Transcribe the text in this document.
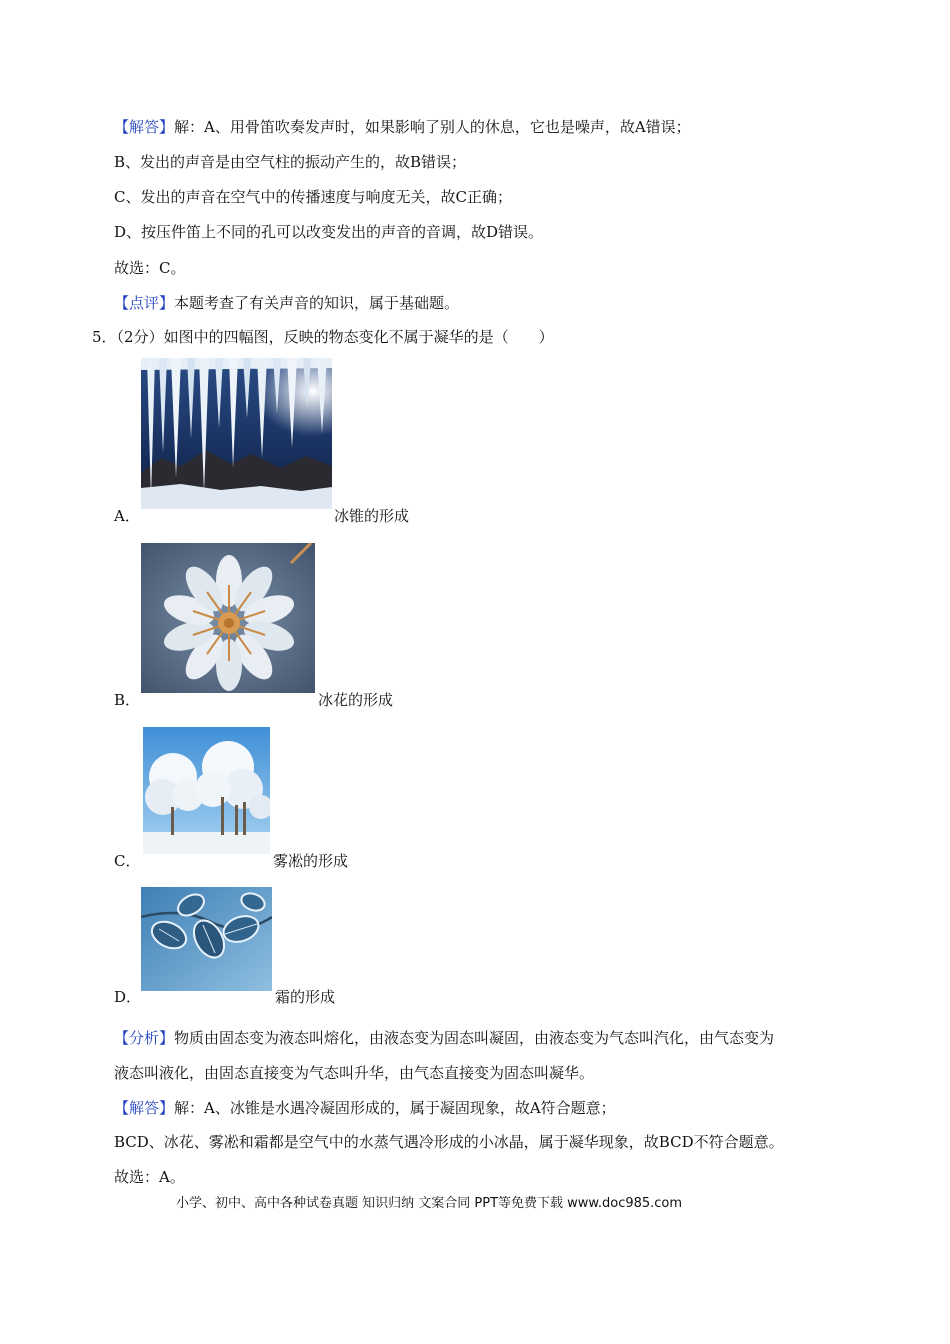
【解答】解：A、用骨笛吹奏发声时，如果影响了别人的休息，它也是噪声，故A错误；
B、发出的声音是由空气柱的振动产生的，故B错误；
C、发出的声音在空气中的传播速度与响度无关，故C正确；
D、按压件笛上不同的孔可以改变发出的声音的音调，故D错误。
故选：C。
【点评】本题考查了有关声音的知识，属于基础题。
5．（2分）如图中的四幅图，反映的物态变化不属于凝华的是（　　）
A．	冰锥的形成
B．	冰花的形成
C．	雾凇的形成
D．	霜的形成
【分析】物质由固态变为液态叫熔化，由液态变为固态叫凝固，由液态变为气态叫汽化，由气态变为
液态叫液化，由固态直接变为气态叫升华，由气态直接变为固态叫凝华。
【解答】解：A、冰锥是水遇冷凝固形成的，属于凝固现象，故A符合题意；
BCD、冰花、雾凇和霜都是空气中的水蒸气遇冷形成的小冰晶，属于凝华现象，故BCD不符合题意。
故选：A。
小学、初中、高中各种试卷真题 知识归纳 文案合同 PPT等免费下载 www.doc985.com
